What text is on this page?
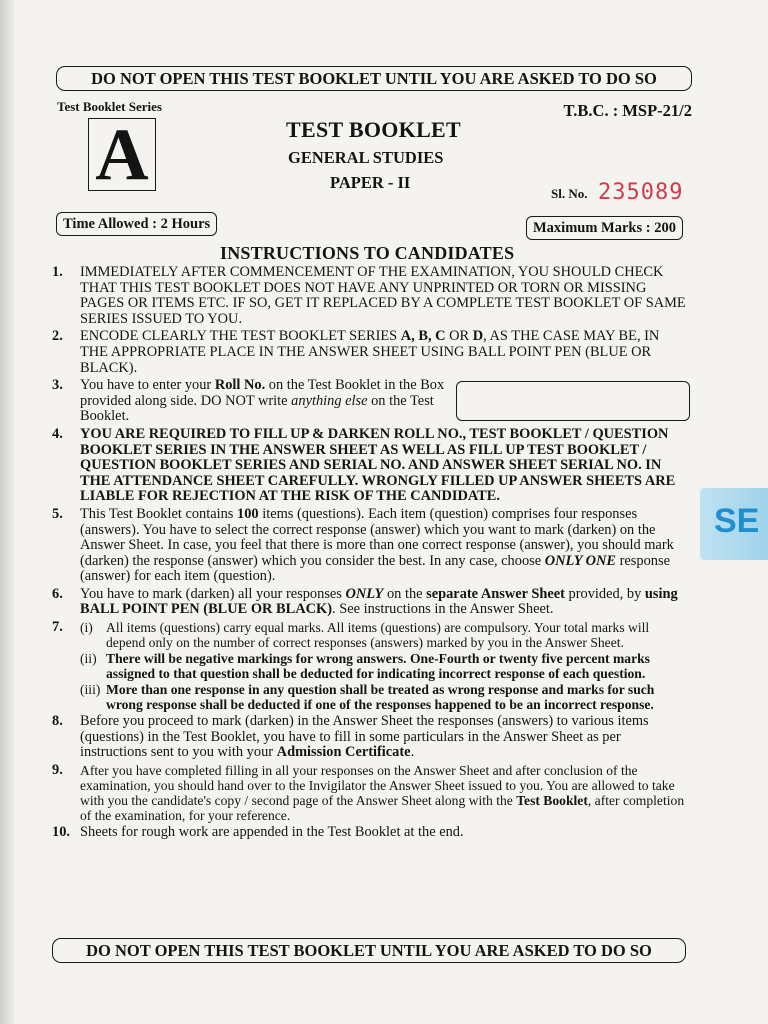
DO NOT OPEN THIS TEST BOOKLET UNTIL YOU ARE ASKED TO DO SO
Test Booklet Series
A
T.B.C. : MSP-21/2
TEST BOOKLET
GENERAL STUDIES
PAPER - II
Sl. No. 235089
Time Allowed : 2 Hours	Maximum Marks : 200
INSTRUCTIONS TO CANDIDATES
1. IMMEDIATELY AFTER COMMENCEMENT OF THE EXAMINATION, YOU SHOULD CHECK THAT THIS TEST BOOKLET DOES NOT HAVE ANY UNPRINTED OR TORN OR MISSING PAGES OR ITEMS ETC. IF SO, GET IT REPLACED BY A COMPLETE TEST BOOKLET OF SAME SERIES ISSUED TO YOU.
2. ENCODE CLEARLY THE TEST BOOKLET SERIES A, B, C OR D, AS THE CASE MAY BE, IN THE APPROPRIATE PLACE IN THE ANSWER SHEET USING BALL POINT PEN (BLUE OR BLACK).
3. You have to enter your Roll No. on the Test Booklet in the Box provided along side. DO NOT write anything else on the Test Booklet.
4. YOU ARE REQUIRED TO FILL UP & DARKEN ROLL NO., TEST BOOKLET / QUESTION BOOKLET SERIES IN THE ANSWER SHEET AS WELL AS FILL UP TEST BOOKLET / QUESTION BOOKLET SERIES AND SERIAL NO. AND ANSWER SHEET SERIAL NO. IN THE ATTENDANCE SHEET CAREFULLY. WRONGLY FILLED UP ANSWER SHEETS ARE LIABLE FOR REJECTION AT THE RISK OF THE CANDIDATE.
5. This Test Booklet contains 100 items (questions). Each item (question) comprises four responses (answers). You have to select the correct response (answer) which you want to mark (darken) on the Answer Sheet. In case, you feel that there is more than one correct response (answer), you should mark (darken) the response (answer) which you consider the best. In any case, choose ONLY ONE response (answer) for each item (question).
6. You have to mark (darken) all your responses ONLY on the separate Answer Sheet provided, by using BALL POINT PEN (BLUE OR BLACK). See instructions in the Answer Sheet.
7. (i) All items (questions) carry equal marks. All items (questions) are compulsory. Your total marks will depend only on the number of correct responses (answers) marked by you in the Answer Sheet.
(ii) There will be negative markings for wrong answers. One-Fourth or twenty five percent marks assigned to that question shall be deducted for indicating incorrect response of each question.
(iii) More than one response in any question shall be treated as wrong response and marks for such wrong response shall be deducted if one of the responses happened to be an incorrect response.
8. Before you proceed to mark (darken) in the Answer Sheet the responses (answers) to various items (questions) in the Test Booklet, you have to fill in some particulars in the Answer Sheet as per instructions sent to you with your Admission Certificate.
9. After you have completed filling in all your responses on the Answer Sheet and after conclusion of the examination, you should hand over to the Invigilator the Answer Sheet issued to you. You are allowed to take with you the candidate's copy / second page of the Answer Sheet along with the Test Booklet, after completion of the examination, for your reference.
10. Sheets for rough work are appended in the Test Booklet at the end.
DO NOT OPEN THIS TEST BOOKLET UNTIL YOU ARE ASKED TO DO SO
SE
